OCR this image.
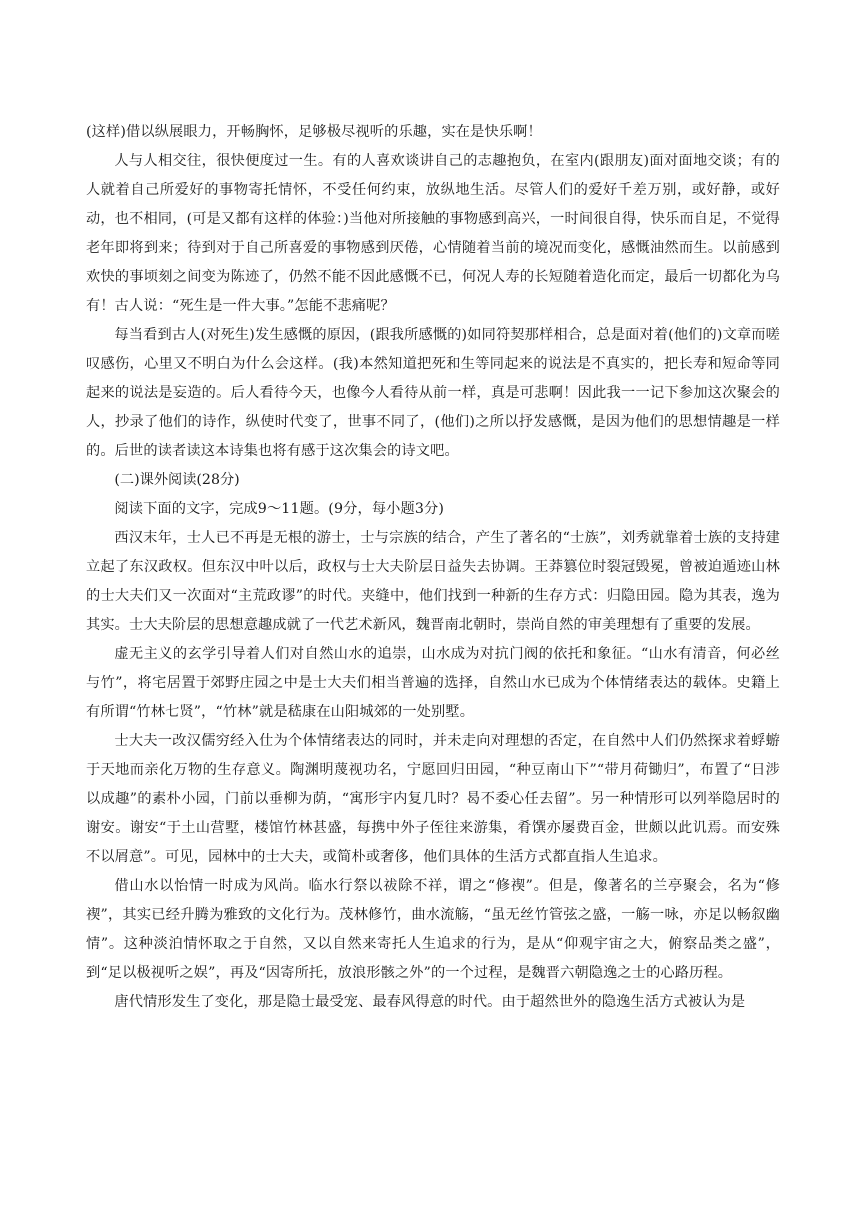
(这样)借以纵展眼力，开畅胸怀，足够极尽视听的乐趣，实在是快乐啊！

人与人相交往，很快便度过一生。有的人喜欢谈讲自己的志趣抱负，在室内(跟朋友)面对面地交谈；有的人就着自己所爱好的事物寄托情怀，不受任何约束，放纵地生活。尽管人们的爱好千差万别，或好静，或好动，也不相同，(可是又都有这样的体验：)当他对所接触的事物感到高兴，一时间很自得，快乐而自足，不觉得老年即将到来；待到对于自己所喜爱的事物感到厌倦，心情随着当前的境况而变化，感慨油然而生。以前感到欢快的事顷刻之间变为陈迹了，仍然不能不因此感慨不已，何况人寿的长短随着造化而定，最后一切都化为乌有！古人说：“死生是一件大事。”怎能不悲痛呢？

每当看到古人(对死生)发生感慨的原因，(跟我所感慨的)如同符契那样相合，总是面对着(他们的)文章而嗟叹感伤，心里又不明白为什么会这样。(我)本然知道把死和生等同起来的说法是不真实的，把长寿和短命等同起来的说法是妄造的。后人看待今天，也像今人看待从前一样，真是可悲啊！因此我一一记下参加这次聚会的人，抄录了他们的诗作，纵使时代变了，世事不同了，(他们)之所以抒发感慨，是因为他们的思想情趣是一样的。后世的读者读这本诗集也将有感于这次集会的诗文吧。

(二)课外阅读(28分)

阅读下面的文字，完成9～11题。(9分，每小题3分)

西汉末年，士人已不再是无根的游士，士与宗族的结合，产生了著名的“士族”，刘秀就靠着士族的支持建立起了东汉政权。但东汉中叶以后，政权与士大夫阶层日益失去协调。王莽篡位时裂冠毁冕，曾被迫遁迹山林的士大夫们又一次面对“主荒政谬”的时代。夹缝中，他们找到一种新的生存方式：归隐田园。隐为其表，逸为其实。士大夫阶层的思想意趣成就了一代艺术新风，魏晋南北朝时，崇尚自然的审美理想有了重要的发展。

虚无主义的玄学引导着人们对自然山水的追崇，山水成为对抗门阀的依托和象征。“山水有清音，何必丝与竹”，将宅居置于郊野庄园之中是士大夫们相当普遍的选择，自然山水已成为个体情绪表达的载体。史籍上有所谓“竹林七贤”，“竹林”就是嵇康在山阳城郊的一处别墅。

士大夫一改汉儒穷经入仕为个体情绪表达的同时，并未走向对理想的否定，在自然中人们仍然探求着蜉蝣于天地而亲化万物的生存意义。陶渊明蔑视功名，宁愿回归田园，“种豆南山下”“带月荷锄归”，布置了“日涉以成趣”的素朴小园，门前以垂柳为荫，“寓形宇内复几时？曷不委心任去留”。另一种情形可以列举隐居时的谢安。谢安“于土山营墅，楼馆竹林甚盛，每携中外子侄往来游集，肴馔亦屡费百金，世颇以此讥焉。而安殊不以屑意”。可见，园林中的士大夫，或简朴或奢侈，他们具体的生活方式都直指人生追求。

借山水以怡情一时成为风尚。临水行祭以祓除不祥，谓之“修禊”。但是，像著名的兰亭聚会，名为“修禊”，其实已经升腾为雅致的文化行为。茂林修竹，曲水流觞，“虽无丝竹管弦之盛，一觞一咏，亦足以畅叙幽情”。这种淡泊情怀取之于自然，又以自然来寄托人生追求的行为，是从“仰观宇宙之大，俯察品类之盛”，到“足以极视听之娱”，再及“因寄所托，放浪形骸之外”的一个过程，是魏晋六朝隐逸之士的心路历程。

唐代情形发生了变化，那是隐士最受宠、最春风得意的时代。由于超然世外的隐逸生活方式被认为是
